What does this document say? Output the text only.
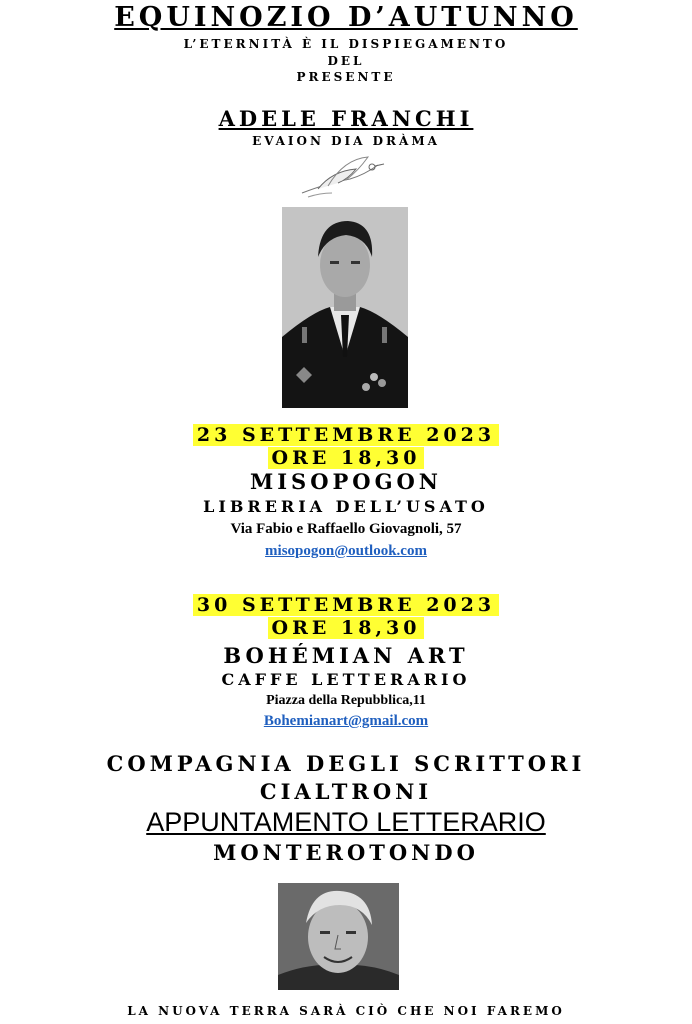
EQUINOZIO D’AUTUNNO
L’ETERNITÀ È IL DISPIEGAMENTO
DEL
PRESENTE
ADELE FRANCHI
EVAION DIA DRÀMA
23 SETTEMBRE 2023
ORE 18,30
MISOPOGON
LIBRERIA DELL’USATO
Via Fabio e Raffaello Giovagnoli, 57
misopogon@outlook.com
30 SETTEMBRE 2023
ORE 18,30
BOHÉMIAN ART
CAFFE LETTERARIO
Piazza della Repubblica,11
Bohemianart@gmail.com
COMPAGNIA DEGLI SCRITTORI
CIALTRONI
APPUNTAMENTO LETTERARIO
MONTEROTONDO
LA NUOVA TERRA SARÀ CIÒ CHE NOI FAREMO
